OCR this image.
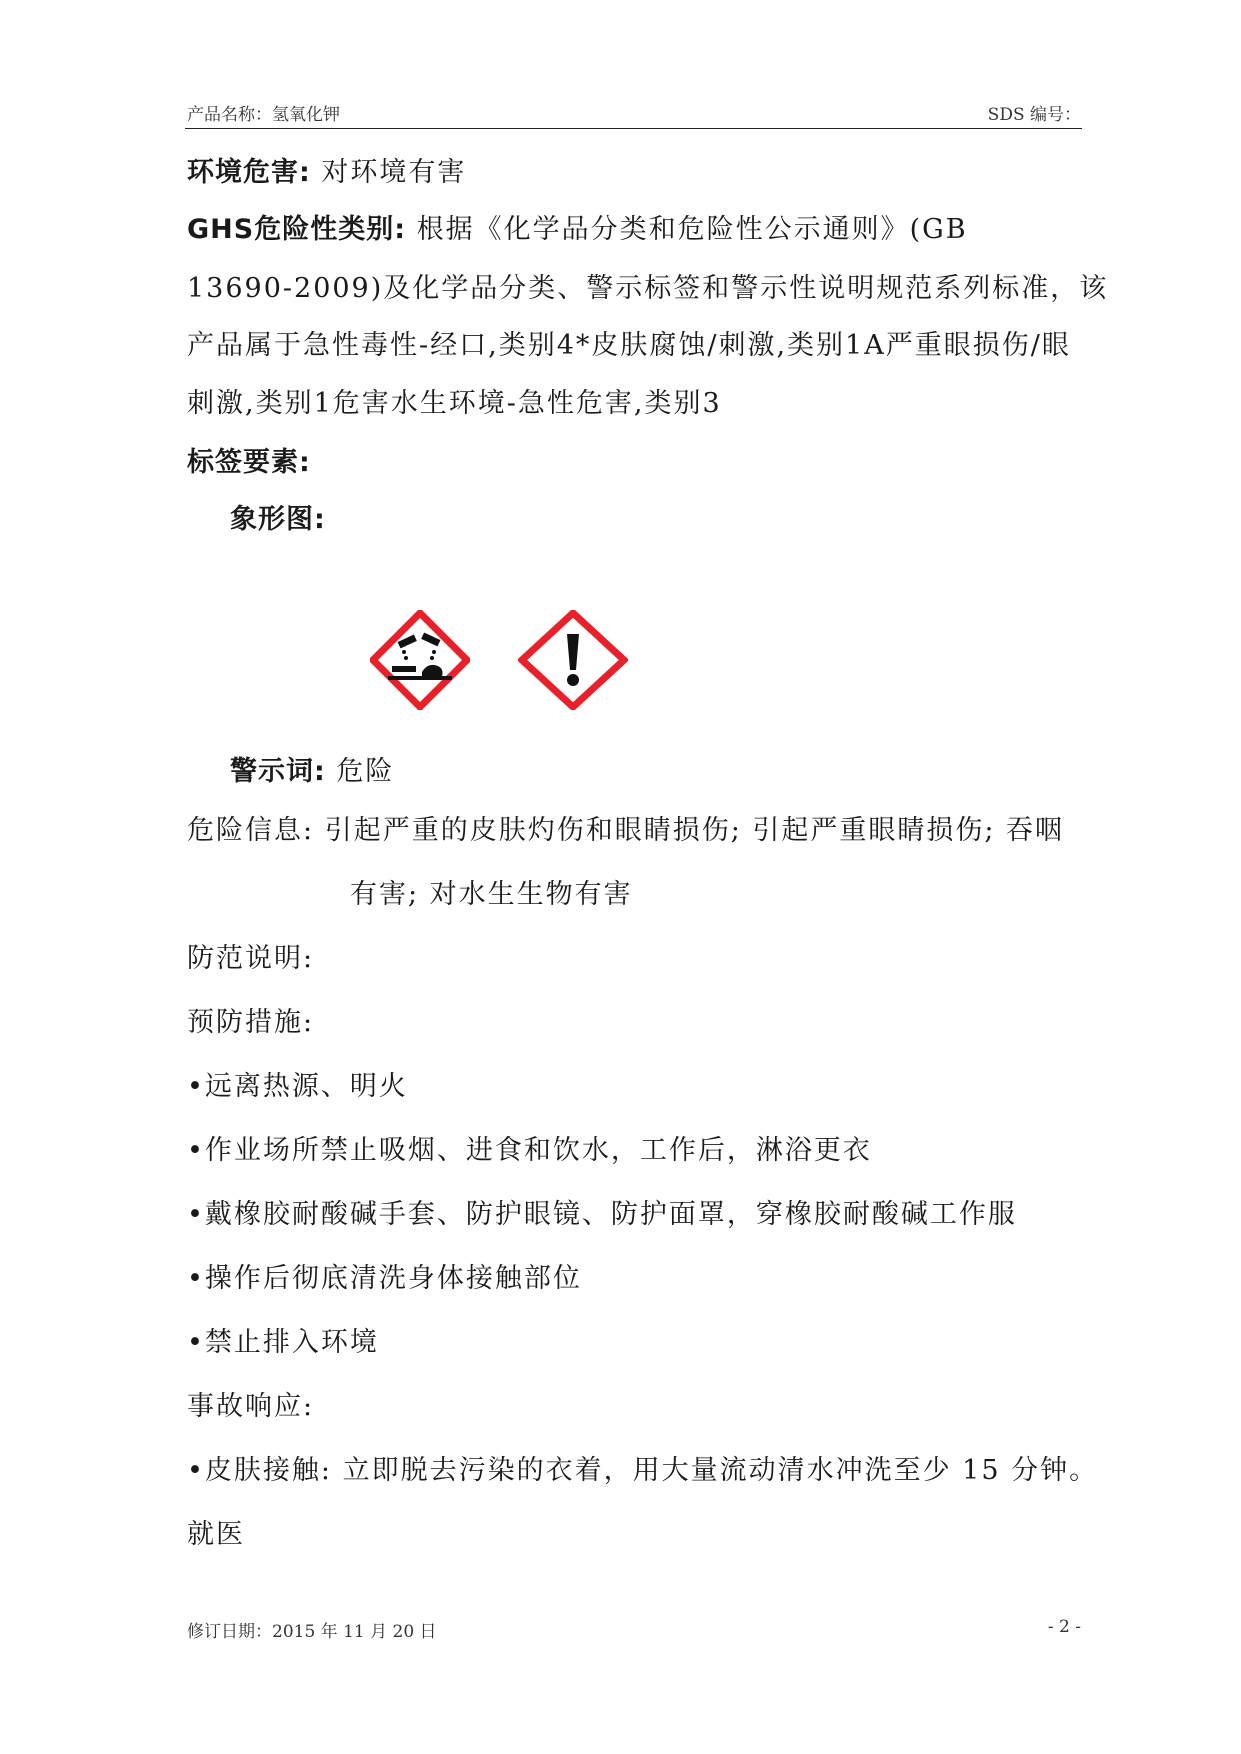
产品名称：氢氧化钾	SDS 编号：
环境危害: 对环境有害
GHS危险性类别: 根据《化学品分类和危险性公示通则》(GB
13690-2009)及化学品分类、警示标签和警示性说明规范系列标准，该
产品属于急性毒性-经口,类别4*皮肤腐蚀/刺激,类别1A严重眼损伤/眼
刺激,类别1危害水生环境-急性危害,类别3
标签要素:
象形图:
警示词: 危险
危险信息: 引起严重的皮肤灼伤和眼睛损伤; 引起严重眼睛损伤; 吞咽
有害; 对水生生物有害
防范说明:
预防措施:
•远离热源、明火
•作业场所禁止吸烟、进食和饮水，工作后，淋浴更衣
•戴橡胶耐酸碱手套、防护眼镜、防护面罩，穿橡胶耐酸碱工作服
•操作后彻底清洗身体接触部位
•禁止排入环境
事故响应:
•皮肤接触: 立即脱去污染的衣着，用大量流动清水冲洗至少 15 分钟。
就医
修订日期：2015 年 11 月 20 日	- 2 -
